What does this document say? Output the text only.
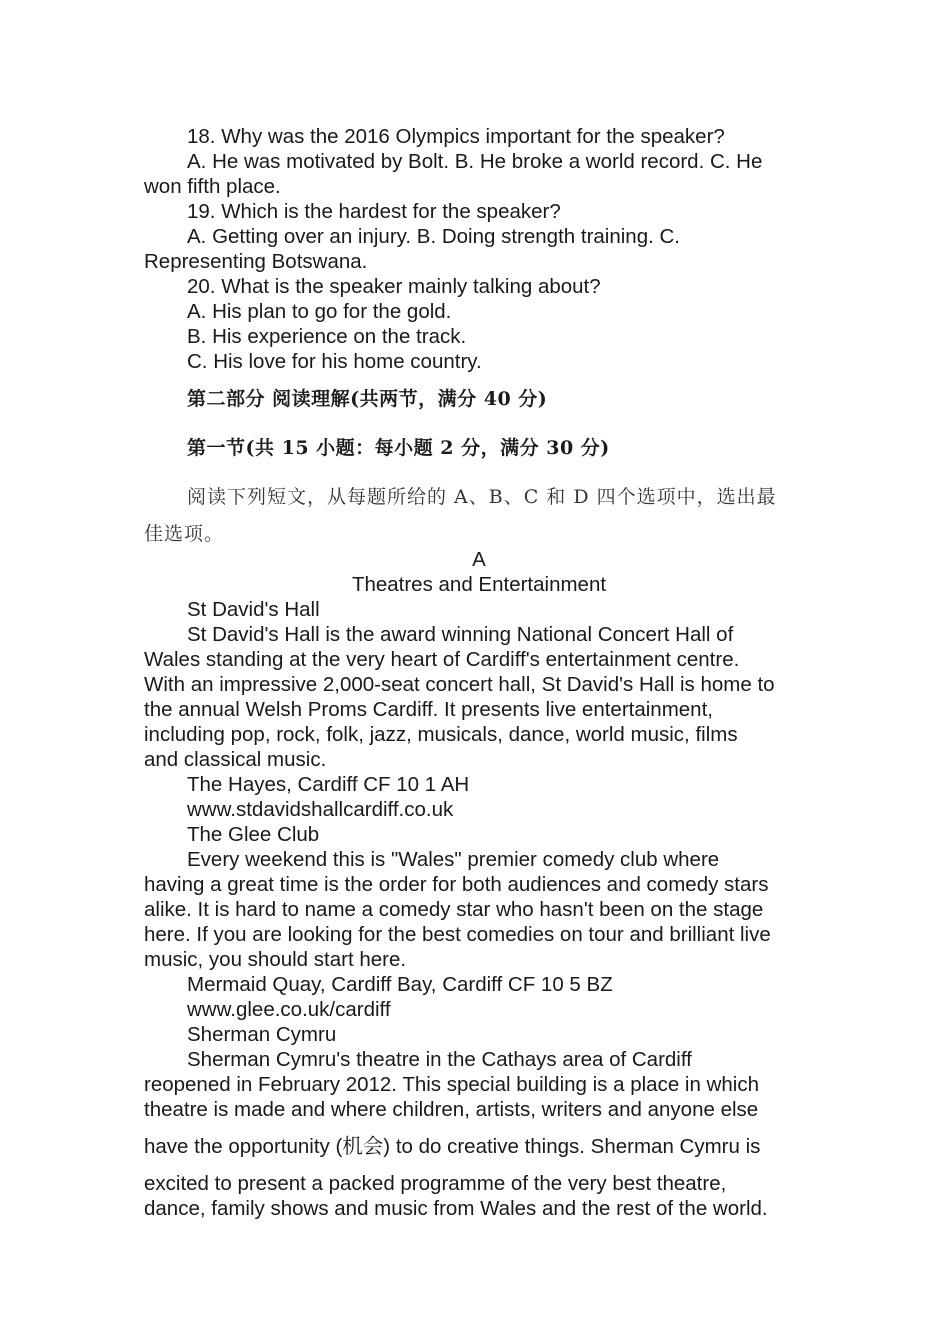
18. Why was the 2016 Olympics important for the speaker?
A. He was motivated by Bolt. B. He broke a world record. C. He
won fifth place.
19. Which is the hardest for the speaker?
A. Getting over an injury. B. Doing strength training. C.
Representing Botswana.
20. What is the speaker mainly talking about?
A. His plan to go for the gold.
B. His experience on the track.
C. His love for his home country.
第二部分 阅读理解(共两节，满分 40 分)
第一节(共 15 小题：每小题 2 分，满分 30 分)
阅读下列短文，从每题所给的 A、B、C 和 D 四个选项中，选出最
佳选项。
A
Theatres and Entertainment
St David's Hall
St David's Hall is the award winning National Concert Hall of
Wales standing at the very heart of Cardiff's entertainment centre.
With an impressive 2,000-seat concert hall, St David's Hall is home to
the annual Welsh Proms Cardiff. It presents live entertainment,
including pop, rock, folk, jazz, musicals, dance, world music, films
and classical music.
The Hayes, Cardiff CF 10 1 AH
www.stdavidshallcardiff.co.uk
The Glee Club
Every weekend this is "Wales" premier comedy club where
having a great time is the order for both audiences and comedy stars
alike. It is hard to name a comedy star who hasn't been on the stage
here. If you are looking for the best comedies on tour and brilliant live
music, you should start here.
Mermaid Quay, Cardiff Bay, Cardiff CF 10 5 BZ
www.glee.co.uk/cardiff
Sherman Cymru
Sherman Cymru's theatre in the Cathays area of Cardiff
reopened in February 2012. This special building is a place in which
theatre is made and where children, artists, writers and anyone else
have the opportunity (机会) to do creative things. Sherman Cymru is
excited to present a packed programme of the very best theatre,
dance, family shows and music from Wales and the rest of the world.
